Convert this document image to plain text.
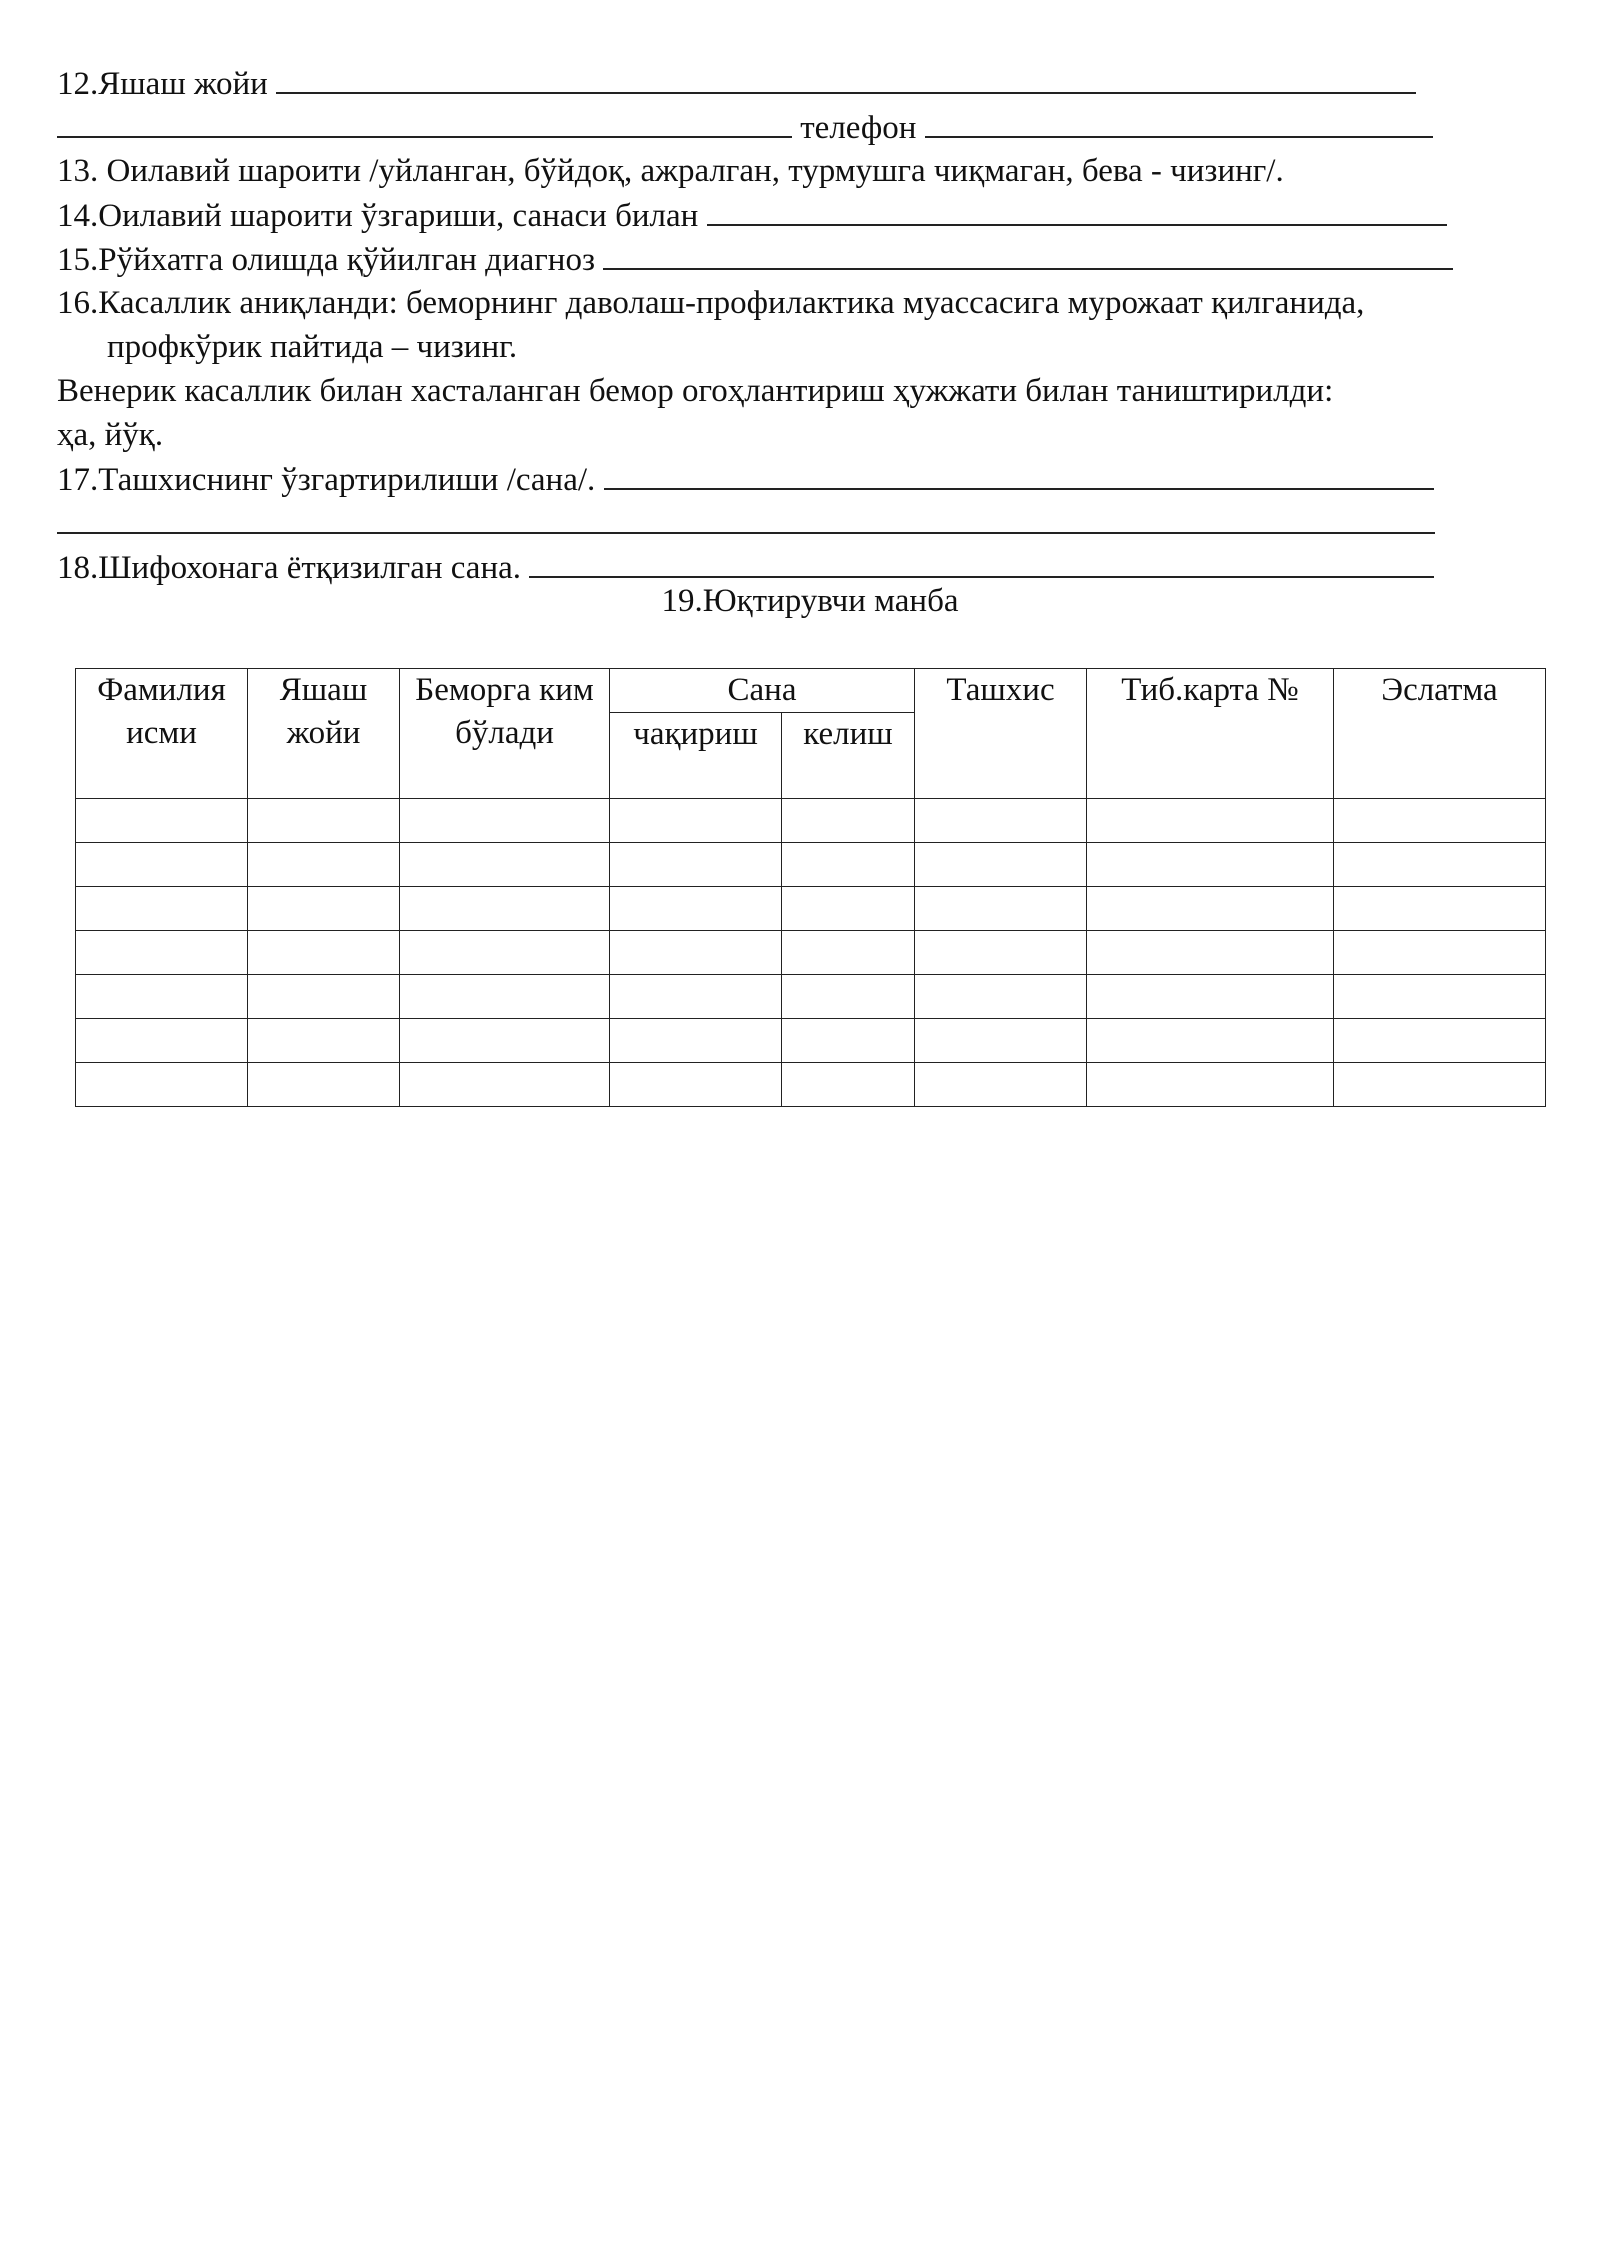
12.Яшаш жойи
телефон
13. Оилавий шароити /уйланган, бўйдоқ, ажралган, турмушга чиқмаган, бева - чизинг/.
14.Оилавий шароити ўзгариши, санаси билан
15.Рўйхатга олишда қўйилган диагноз
16.Касаллик аниқланди: беморнинг даволаш-профилактика муассасига мурожаат қилганида,
профкўрик пайтида – чизинг.
Венерик касаллик билан хасталанган бемор огоҳлантириш ҳужжати билан таништирилди:
ҳа, йўқ.
17.Ташхиснинг ўзгартирилиши /сана/.
18.Шифохонага ётқизилган сана.
19.Юқтирувчи манба
Фамилия исми	Яшаш жойи	Беморга ким бўлади	Сана		Ташхис	Тиб.карта №	Эслатма
			чақириш	келиш			
